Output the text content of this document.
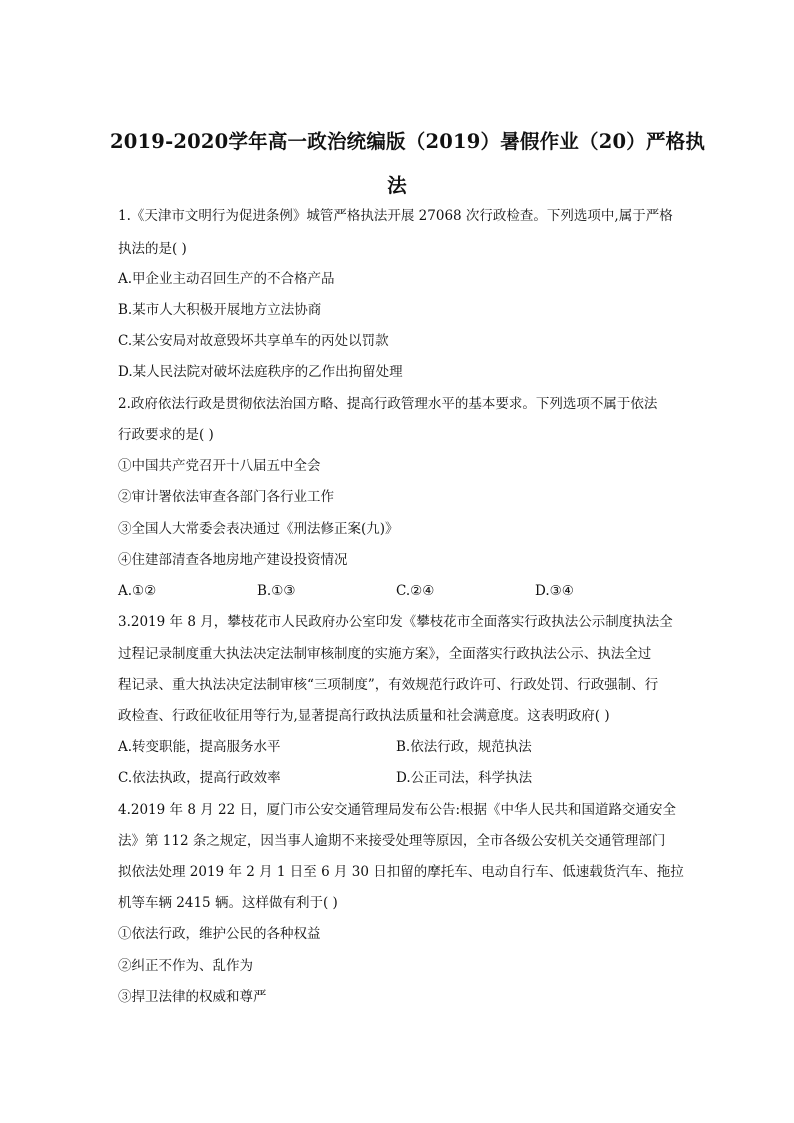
2019-2020学年高一政治统编版（2019）暑假作业（20）严格执
法
1.《天津市文明行为促进条例》城管严格执法开展 27068 次行政检查。下列选项中,属于严格
执法的是( )
A.甲企业主动召回生产的不合格产品
B.某市人大积极开展地方立法协商
C.某公安局对故意毁坏共享单车的丙处以罚款
D.某人民法院对破坏法庭秩序的乙作出拘留处理
2.政府依法行政是贯彻依法治国方略、提高行政管理水平的基本要求。下列选项不属于依法
行政要求的是( )
①中国共产党召开十八届五中全会
②审计署依法审查各部门各行业工作
③全国人大常委会表决通过《刑法修正案(九)》
④住建部清查各地房地产建设投资情况
A.①②	B.①③	C.②④	D.③④
3.2019 年 8 月，攀枝花市人民政府办公室印发《攀枝花市全面落实行政执法公示制度执法全
过程记录制度重大执法决定法制审核制度的实施方案》，全面落实行政执法公示、执法全过
程记录、重大执法决定法制审核“三项制度”，有效规范行政许可、行政处罚、行政强制、行
政检查、行政征收征用等行为,显著提高行政执法质量和社会满意度。这表明政府( )
A.转变职能，提高服务水平	B.依法行政，规范执法
C.依法执政，提高行政效率	D.公正司法，科学执法
4.2019 年 8 月 22 日，厦门市公安交通管理局发布公告:根据《中华人民共和国道路交通安全
法》第 112 条之规定，因当事人逾期不来接受处理等原因，全市各级公安机关交通管理部门
拟依法处理 2019 年 2 月 1 日至 6 月 30 日扣留的摩托车、电动自行车、低速载货汽车、拖拉
机等车辆 2415 辆。这样做有利于( )
①依法行政，维护公民的各种权益
②纠正不作为、乱作为
③捍卫法律的权威和尊严
